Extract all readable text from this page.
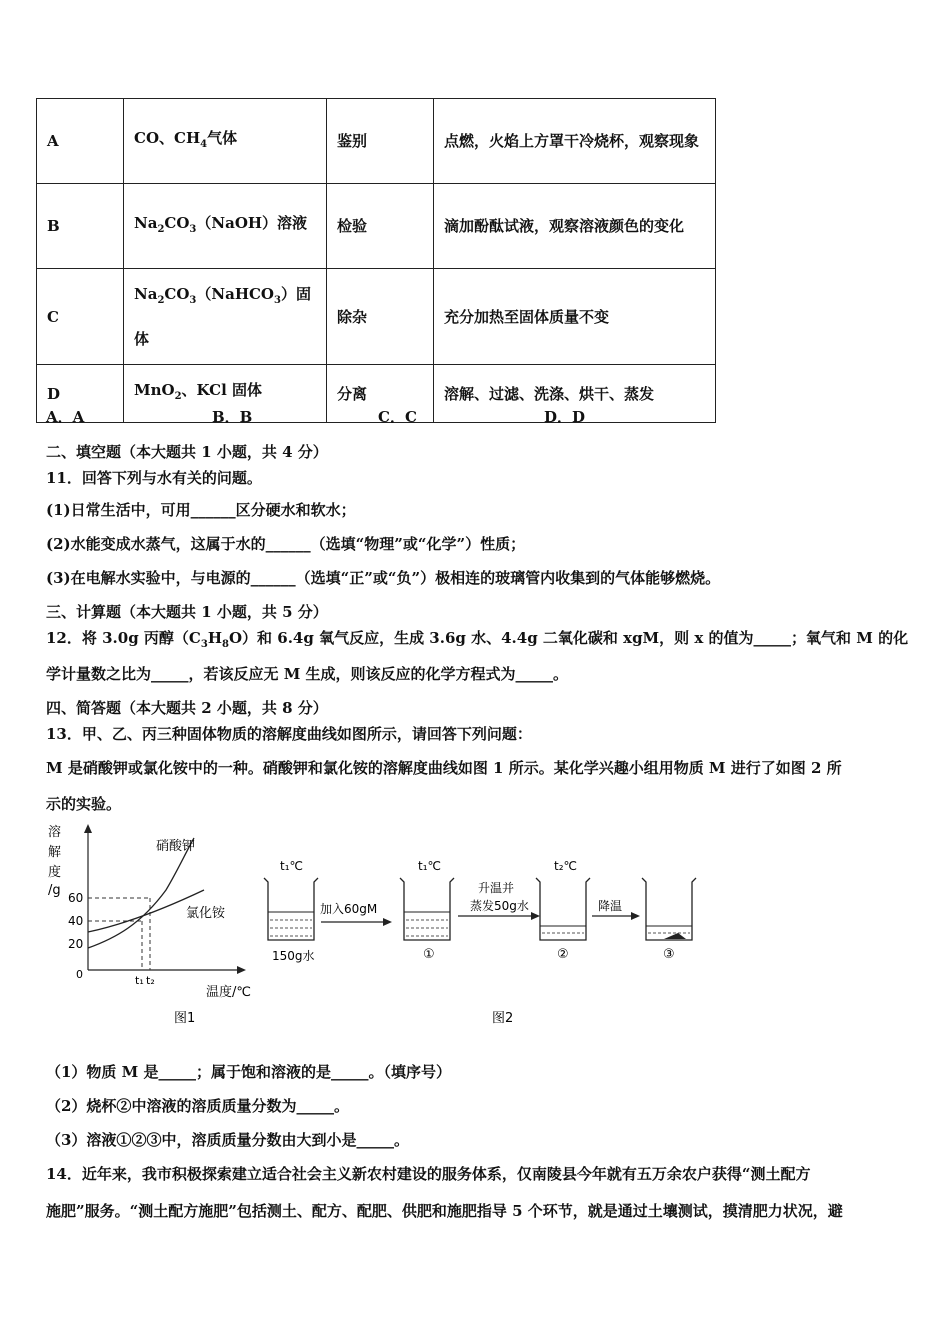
A	CO、$CH_4$气体	鉴别	点燃，火焰上方罩干冷烧杯，观察现象
B	$Na_2CO_3(NaOH)$溶液	检验	滴加酚酞试液，观察溶液颜色的变化
C	$Na_2CO_3(NaHCO_3)$固体	除杂	充分加热至固体质量不变
D	MnO$_2$、KCl 固体	分离	溶解、过滤、洗涤、烘干、蒸发
A．A	B．B	C．C	D．D
二、填空题（本大题共 1 小题，共 4 分）
11．回答下列与水有关的问题。
(1)日常生活中，可用______区分硬水和软水；
(2)水能变成水蒸气，这属于水的______（选填“物理”或“化学”）性质；
(3)在电解水实验中，与电源的______（选填“正”或“负”）极相连的玻璃管内收集到的气体能够燃烧。
三、计算题（本大题共 1 小题，共 5 分）
12．将 3.0g 丙醇$(C_3H_8O)$和 6.4g 氧气反应，生成 3.6g 水、4.4g 二氧化碳和 xgM，则 x 的值为_____；氧气和 M 的化
学计量数之比为_____，若该反应无 M 生成，则该反应的化学方程式为_____。
四、简答题（本大题共 2 小题，共 8 分）
13．甲、乙、丙三种固体物质的溶解度曲线如图所示，请回答下列问题：
M 是硝酸钾或氯化铵中的一种。硝酸钾和氯化铵的溶解度曲线如图 1 所示。某化学兴趣小组用物质 M 进行了如图 2 所
示的实验。
溶
解
度
/g 60
40
20
0
硝酸钾
氯化铵
t₁ t₂
温度/℃
图1
t₁℃
150g水
加入60gM
t₁℃
①
升温并
蒸发50g水
t₂℃
②
降温
③
图2
（1）物质 M 是_____；属于饱和溶液的是_____。（填序号）
（2）烧杯②中溶液的溶质质量分数为_____。
（3）溶液①②③中，溶质质量分数由大到小是_____。
14．近年来，我市积极探索建立适合社会主义新农村建设的服务体系，仅南陵县今年就有五万余农户获得“测土配方
施肥”服务。“测土配方施肥”包括测土、配方、配肥、供肥和施肥指导 5 个环节，就是通过土壤测试，摸清肥力状况，避
